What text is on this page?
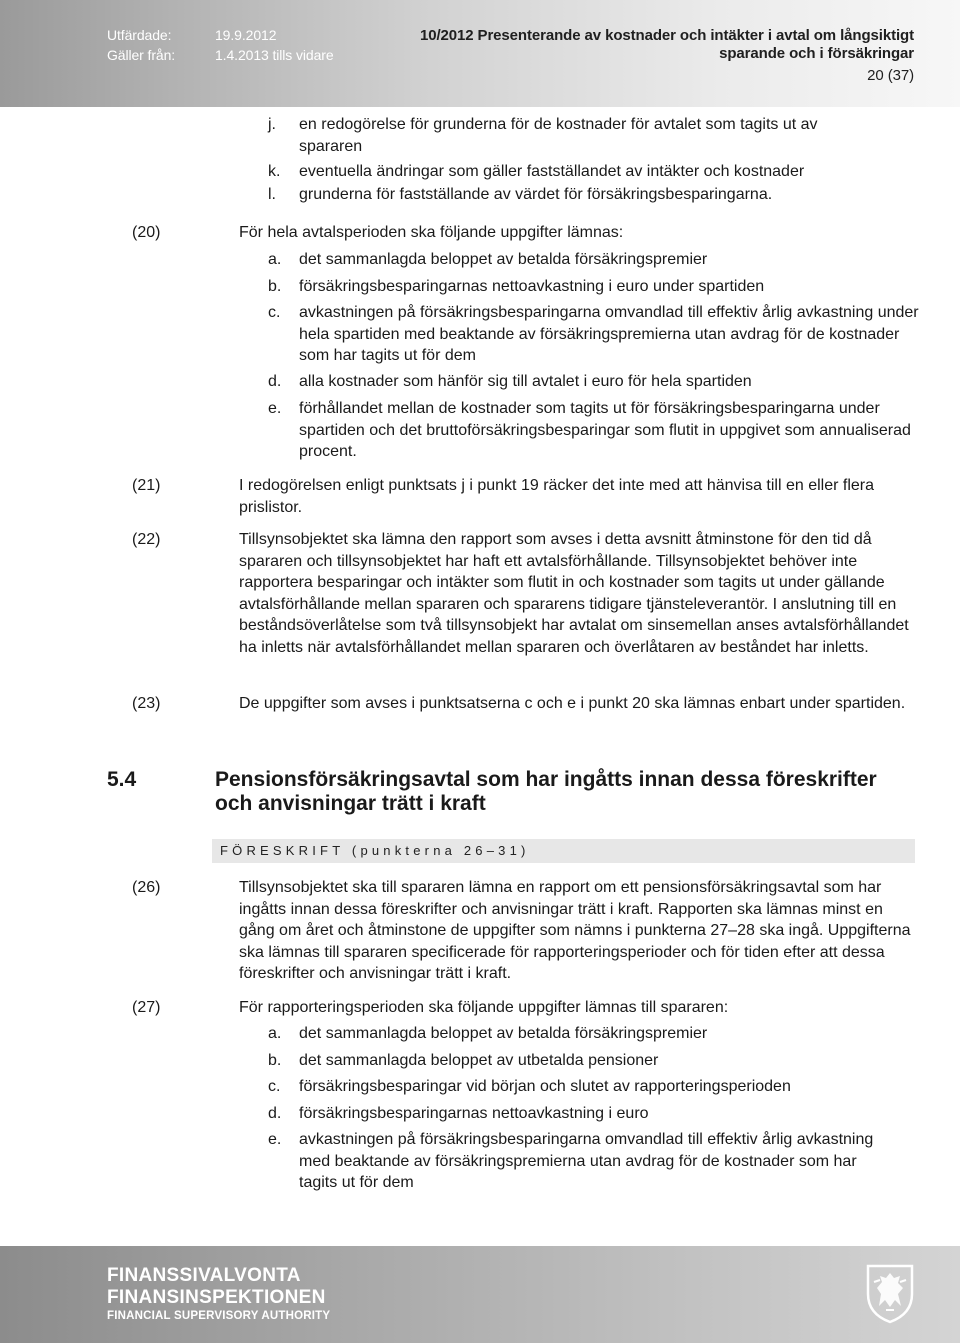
Utfärdade:	19.9.2012
Gäller från:	1.4.2013 tills vidare
10/2012 Presenterande av kostnader och intäkter i avtal om långsiktigt
sparande och i försäkringar
20 (37)
j. en redogörelse för grunderna för de kostnader för avtalet som tagits ut av spararen
k. eventuella ändringar som gäller fastställandet av intäkter och kostnader
l. grunderna för fastställande av värdet för försäkringsbesparingarna.
(20)	För hela avtalsperioden ska följande uppgifter lämnas:
a. det sammanlagda beloppet av betalda försäkringspremier
b. försäkringsbesparingarnas nettoavkastning i euro under spartiden
c. avkastningen på försäkringsbesparingarna omvandlad till effektiv årlig avkastning under hela spartiden med beaktande av försäkringspremierna utan avdrag för de kostnader som har tagits ut för dem
d. alla kostnader som hänför sig till avtalet i euro för hela spartiden
e. förhållandet mellan de kostnader som tagits ut för försäkringsbesparingarna under spartiden och det bruttoförsäkringsbesparingar som flutit in uppgivet som annualiserad procent.
(21)	I redogörelsen enligt punktsats j i punkt 19 räcker det inte med att hänvisa till en eller flera prislistor.
(22)	Tillsynsobjektet ska lämna den rapport som avses i detta avsnitt åtminstone för den tid då spararen och tillsynsobjektet har haft ett avtalsförhållande. Tillsynsobjektet behöver inte rapportera besparingar och intäkter som flutit in och kostnader som tagits ut under gällande avtalsförhållande mellan spararen och spararens tidigare tjänsteleverantör. I anslutning till en beståndsöverlåtelse som två tillsynsobjekt har avtalat om sinsemellan anses avtalsförhållandet ha inletts när avtalsförhållandet mellan spararen och överlåtaren av beståndet har inletts.
(23)	De uppgifter som avses i punktsatserna c och e i punkt 20 ska lämnas enbart under spartiden.
5.4	Pensionsförsäkringsavtal som har ingåtts innan dessa föreskrifter och anvisningar trätt i kraft
FÖRESKRIFT (punkterna 26–31)
(26)	Tillsynsobjektet ska till spararen lämna en rapport om ett pensionsförsäkringsavtal som har ingåtts innan dessa föreskrifter och anvisningar trätt i kraft. Rapporten ska lämnas minst en gång om året och åtminstone de uppgifter som nämns i punkterna 27–28 ska ingå. Uppgifterna ska lämnas till spararen specificerade för rapporteringsperioder och för tiden efter att dessa föreskrifter och anvisningar trätt i kraft.
(27)	För rapporteringsperioden ska följande uppgifter lämnas till spararen:
a. det sammanlagda beloppet av betalda försäkringspremier
b. det sammanlagda beloppet av utbetalda pensioner
c. försäkringsbesparingar vid början och slutet av rapporteringsperioden
d. försäkringsbesparingarnas nettoavkastning i euro
e. avkastningen på försäkringsbesparingarna omvandlad till effektiv årlig avkastning med beaktande av försäkringspremierna utan avdrag för de kostnader som har tagits ut för dem
FINANSSIVALVONTA
FINANSINSPEKTIONEN
FINANCIAL SUPERVISORY AUTHORITY
